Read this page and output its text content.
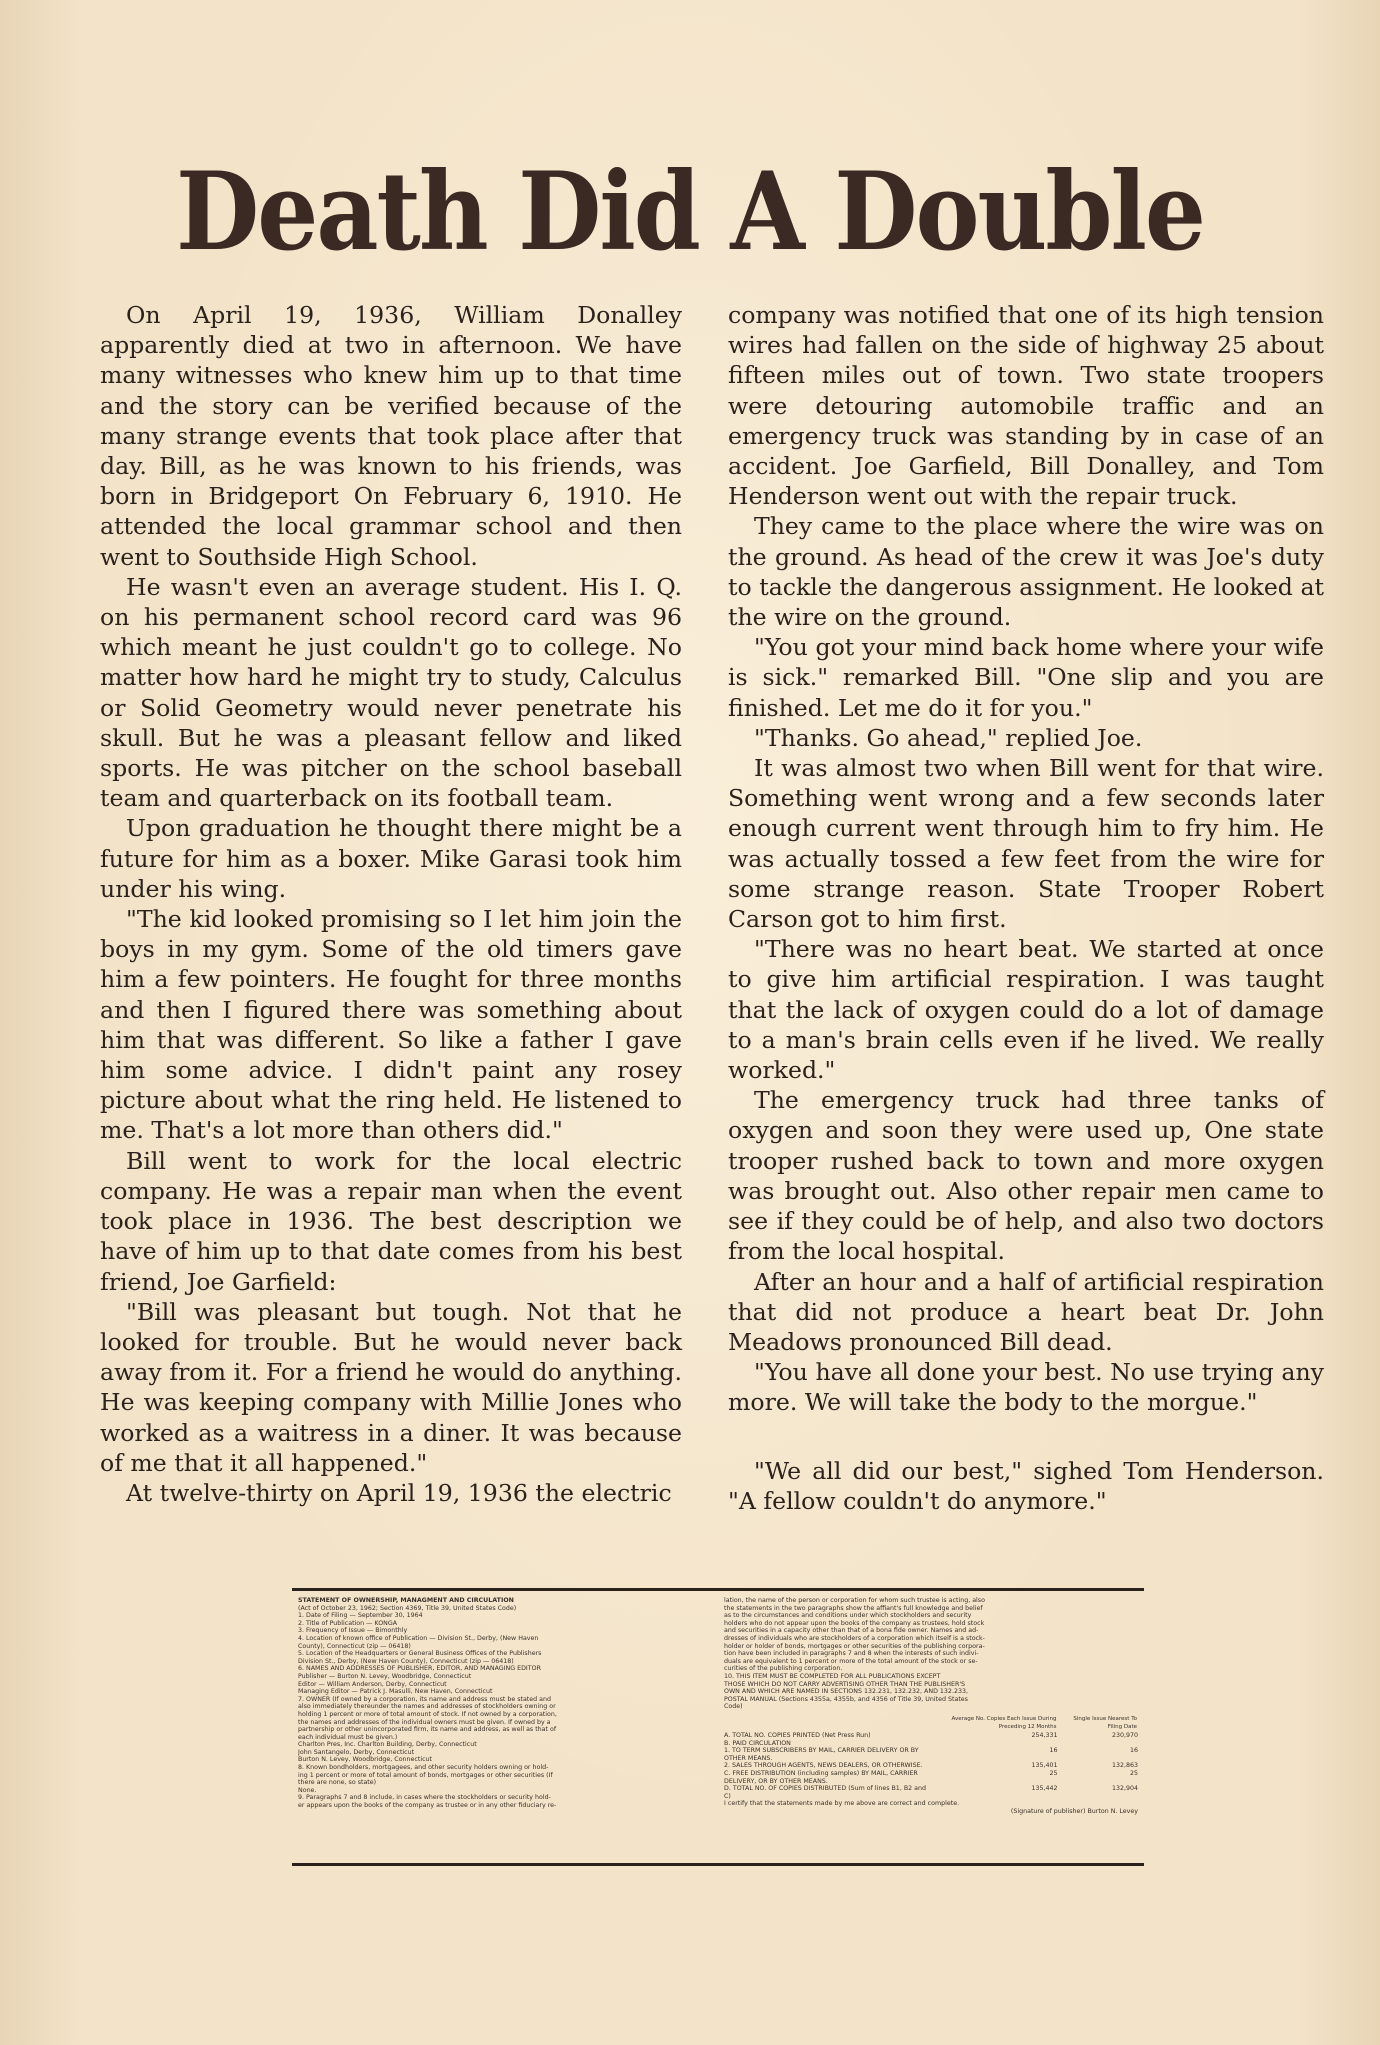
Death Did A Double

On April 19, 1936, William Donalley apparently died at two in afternoon. We have many witnesses who knew him up to that time and the story can be verified because of the many strange events that took place after that day. Bill, as he was known to his friends, was born in Bridgeport On February 6, 1910. He attended the local grammar school and then went to Southside High School.

He wasn't even an average student. His I. Q. on his permanent school record card was 96 which meant he just couldn't go to college. No matter how hard he might try to study, Calculus or Solid Geometry would never penetrate his skull. But he was a pleasant fellow and liked sports. He was pitcher on the school baseball team and quarterback on its football team.

Upon graduation he thought there might be a future for him as a boxer. Mike Garasi took him under his wing.

"The kid looked promising so I let him join the boys in my gym. Some of the old timers gave him a few pointers. He fought for three months and then I figured there was something about him that was different. So like a father I gave him some advice. I didn't paint any rosey picture about what the ring held. He listened to me. That's a lot more than others did."

Bill went to work for the local electric company. He was a repair man when the event took place in 1936. The best description we have of him up to that date comes from his best friend, Joe Garfield:

"Bill was pleasant but tough. Not that he looked for trouble. But he would never back away from it. For a friend he would do anything. He was keeping company with Millie Jones who worked as a waitress in a diner. It was because of me that it all happened."

At twelve-thirty on April 19, 1936 the electric

company was notified that one of its high tension wires had fallen on the side of highway 25 about fifteen miles out of town. Two state troopers were detouring automobile traffic and an emergency truck was standing by in case of an accident. Joe Garfield, Bill Donalley, and Tom Henderson went out with the repair truck.

They came to the place where the wire was on the ground. As head of the crew it was Joe's duty to tackle the dangerous assignment. He looked at the wire on the ground.

"You got your mind back home where your wife is sick." remarked Bill. "One slip and you are finished. Let me do it for you."

"Thanks. Go ahead," replied Joe.

It was almost two when Bill went for that wire. Something went wrong and a few seconds later enough current went through him to fry him. He was actually tossed a few feet from the wire for some strange reason. State Trooper Robert Carson got to him first.

"There was no heart beat. We started at once to give him artificial respiration. I was taught that the lack of oxygen could do a lot of damage to a man's brain cells even if he lived. We really worked."

The emergency truck had three tanks of oxygen and soon they were used up, One state trooper rushed back to town and more oxygen was brought out. Also other repair men came to see if they could be of help, and also two doctors from the local hospital.

After an hour and a half of artificial respiration that did not produce a heart beat Dr. John Meadows pronounced Bill dead.

"You have all done your best. No use trying any more. We will take the body to the morgue."

"We all did our best," sighed Tom Henderson. "A fellow couldn't do anymore."

STATEMENT OF OWNERSHIP, MANAGMENT AND CIRCULATION
(Act of October 23, 1962; Section 4369, Title 39, United States Code)
1. Date of Filing — September 30, 1964
2. Title of Publication — KONGA
3. Frequency of Issue — Bimonthly
4. Location of known office of Publication — Division St., Derby, (New Haven
County), Connecticut (zip — 06418)
5. Location of the Headquarters or General Business Offices of the Publishers
Division St., Derby, (New Haven County), Connecticut (zip — 06418)
6. NAMES AND ADDRESSES OF PUBLISHER, EDITOR, AND MANAGING EDITOR
Publisher — Burton N. Levey, Woodbridge, Connecticut
Editor — William Anderson, Derby, Connecticut
Managing Editor — Patrick J. Masulli, New Haven, Connecticut
7. OWNER (If owned by a corporation, its name and address must be stated and
also immediately thereunder the names and addresses of stockholders owning or
holding 1 percent or more of total amount of stock. If not owned by a corporation,
the names and addresses of the individual owners must be given. If owned by a
partnership or other unincorporated firm, its name and address, as well as that of
each individual must be given.)
Charlton Pres, Inc. Charlton Building, Derby, Connecticut
John Santangelo, Derby, Connecticut
Burton N. Levey, Woodbridge, Connecticut
8. Known bondholders, mortgagees, and other security holders owning or hold-
ing 1 percent or more of total amount of bonds, mortgages or other securities (If
there are none, so state)
None.
9. Paragraphs 7 and 8 include, in cases where the stockholders or security hold-
er appears upon the books of the company as trustee or in any other fiduciary re-
lation, the name of the person or corporation for whom such trustee is acting, also
the statements in the two paragraphs show the affiant's full knowledge and belief
as to the circumstances and conditions under which stockholders and security
holders who do not appear upon the books of the company as trustees, hold stock
and securities in a capacity other than that of a bona fide owner. Names and ad-
dresses of individuals who are stockholders of a corporation which itself is a stock-
holder or holder of bonds, mortgages or other securities of the publishing corpora-
tion have been included in paragraphs 7 and 8 when the interests of such indivi-
duals are equivalent to 1 percent or more of the total amount of the stock or se-
curities of the publishing corporation.
10. THIS ITEM MUST BE COMPLETED FOR ALL PUBLICATIONS EXCEPT
THOSE WHICH DO NOT CARRY ADVERTISING OTHER THAN THE PUBLISHER'S
OWN AND WHICH ARE NAMED IN SECTIONS 132.231, 132.232, AND 132.233,
POSTAL MANUAL (Sections 4355a, 4355b, and 4356 of Title 39, United States
Code)
	Average No. Copies Each Issue During Preceding 12 Months	Single Issue Nearest To Filing Date
A. TOTAL NO. COPIES PRINTED (Net Press Run)	254,331	230,970
B. PAID CIRCULATION		
1. TO TERM SUBSCRIBERS BY MAIL, CARRIER DELIVERY OR BY OTHER MEANS.	16	16
2. SALES THROUGH AGENTS, NEWS DEALERS, OR OTHERWISE.	135,401	132,863
C. FREE DISTRIBUTION (including samples) BY MAIL, CARRIER DELIVERY, OR BY OTHER MEANS.	25	25
D. TOTAL NO. OF COPIES DISTRIBUTED (Sum of lines B1, B2 and C)	135,442	132,904
I certify that the statements made by me above are correct and complete.
(Signature of publisher) Burton N. Levey
